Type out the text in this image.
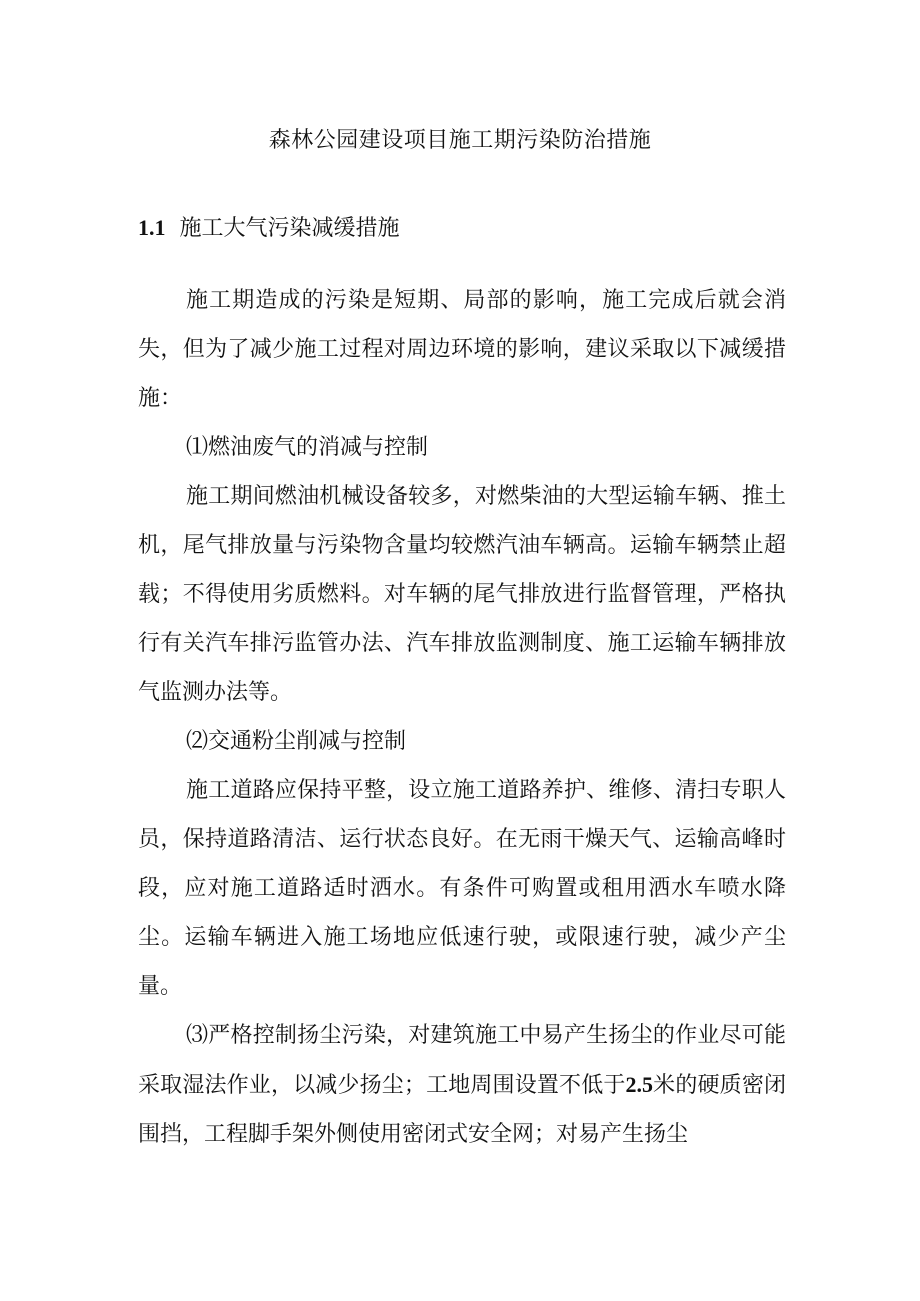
森林公园建设项目施工期污染防治措施
1.1 施工大气污染减缓措施

施工期造成的污染是短期、局部的影响，施工完成后就会消失，但为了减少施工过程对周边环境的影响，建议采取以下减缓措施：

⑴燃油废气的消减与控制

施工期间燃油机械设备较多，对燃柴油的大型运输车辆、推土机，尾气排放量与污染物含量均较燃汽油车辆高。运输车辆禁止超载；不得使用劣质燃料。对车辆的尾气排放进行监督管理，严格执行有关汽车排污监管办法、汽车排放监测制度、施工运输车辆排放气监测办法等。

⑵交通粉尘削减与控制

施工道路应保持平整，设立施工道路养护、维修、清扫专职人员，保持道路清洁、运行状态良好。在无雨干燥天气、运输高峰时段，应对施工道路适时洒水。有条件可购置或租用洒水车喷水降尘。运输车辆进入施工场地应低速行驶，或限速行驶，减少产尘量。

⑶严格控制扬尘污染，对建筑施工中易产生扬尘的作业尽可能采取湿法作业，以减少扬尘；工地周围设置不低于2.5米的硬质密闭围挡，工程脚手架外侧使用密闭式安全网；对易产生扬尘
